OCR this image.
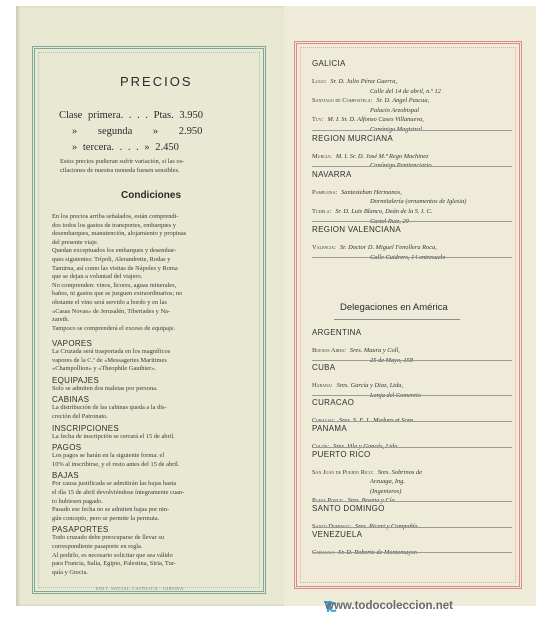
PRECIOS
Clase primera. . . . Ptas. 3.950
» segunda » 2.950
» tercera. . . . » 2.450
Estos precios pudieran sufrir variación, si las os-
cilaciones de nuestra moneda fuesen sensibles.
Condiciones
En los precios arriba señalados, están comprendi-
dos todos los gastos de transportes, embarques y
desembarques, manutención, alojamiento y propinas
del presente viaje.
Quedan exceptuados los embarques y desembar-
ques siguientes: Trípoli, Alerandrette, Rodas y
Tamirna, así como las visitas de Nápoles y Roma
que se dejan a voluntad del viajero.
No comprenden: vinos, licores, aguas minerales,
baños, ni gastos que se juzguen extraordinarios; no
obstante el vino será servido a bordo y en las
«Casas Novas» de Jerusalén, Tiberiades y Na-
zareth.
Tampoco se comprenderá el exceso de equipaje.
VAPORES
La Cruzada será trasportada en los magníficos
vapores de la C.ª de «Messageries Maritimes
«Champollion» y «Theophile Gauthier».
EQUIPAJES
Solo se admiten dos maletas por persona.
CABINAS
La distribución de las cabinas queda a la dis-
creción del Patronato.
INSCRIPCIONES
La fecha de inscripción se cerrará el 15 de abril.
PAGOS
Los pagos se harán en la siguiente forma: el
10% al inscribirse, y el resto antes del 15 de abril.
BAJAS
Por causa justificada se admitirán las bajas hasta
el día 15 de abril devolviéndose íntegramente cuan-
to hubiesen pagado.
Pasado ese fecha no se admiten bajas por nin-
gún concepto, pero se permite la permuta.
PASAPORTES
Todo cruzado debe preocuparse de llevar su
correspondiente pasaporte en regla.
Al pedirlo, es necesario solicitar que sea válido
para Francia, Italia, Egipto, Palestina, Siria, Tur-
quía y Grecia.
EDIT. SOCIAL CATÓLICA - GIRONA
GALICIA
Lugo: Sr. D. Julio Pérez Guerra,
Calle del 14 de abril, n.º 12
Santiago de Compostela: Sr. D. Angel Pascua,
Palacio Arzobispal
Tuy: M. I. Sr. D. Alfonso Cases Villanueva,
REGION MURCIANA
Murcia: M. I. Sr. D. José M.ª Rego Machinez
NAVARRA
Pamplona: Santesteban Hermanos,
Dormitalería (ornamentos de Iglesia)
Tudela: Sr. D. Luis Blanco, Deán de la S. I. C.
REGION VALENCIANA
Valencia: Sr. Doctor D. Miguel Fenollera Roca,
Delegaciones en América
ARGENTINA
Buenos Aires: Sres. Maura y Coll,
CUBA
Habana: Sres. García y Díaz, Ltda,
CURACAO
PANAMA
PUERTO RICO
San Juan de Puerto Rico: Sres. Sobrinos de
Arzuaga, Ing.
(Ingenieros)
SANTO DOMINGO
VENEZUELA
www.todocoleccion.net
